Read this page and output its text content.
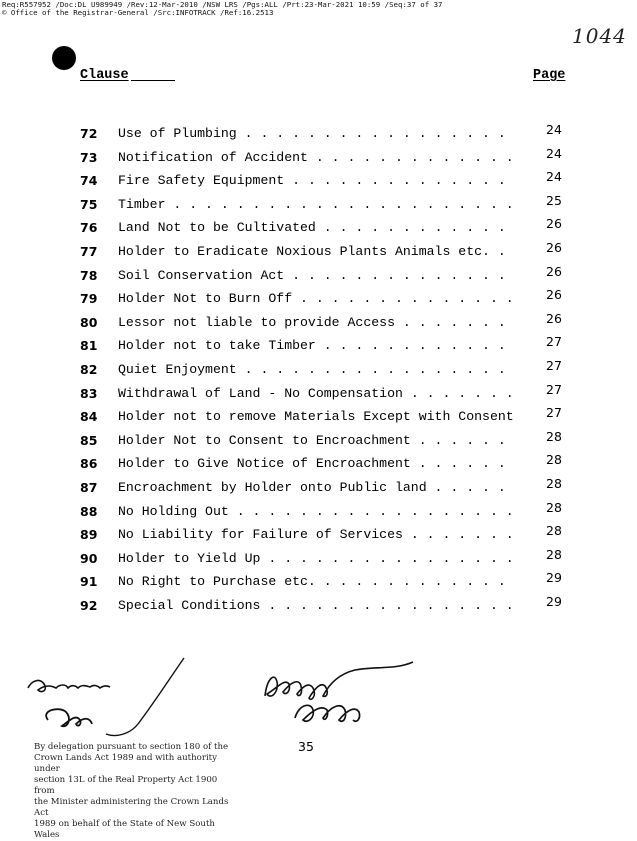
Req:R557952 /Doc:DL U989949 /Rev:12-Mar-2010 /NSW LRS /Pgs:ALL /Prt:23-Mar-2021 10:59 /Seq:37 of 37
© Office of the Registrar-General /Src:INFOTRACK /Ref:16.2513
1044
Clause	Page
72	Use of Plumbing . . .	24
73	Notification of Accident . . .	24
74	Fire Safety Equipment . . .	24
75	Timber . . .	25
76	Land Not to be Cultivated . . .	26
77	Holder to Eradicate Noxious Plants Animals etc. . . .	26
78	Soil Conservation Act . . .	26
79	Holder Not to Burn Off . . .	26
80	Lessor not liable to provide Access . . .	26
81	Holder not to take Timber . . .	27
82	Quiet Enjoyment . . .	27
83	Withdrawal of Land - No Compensation . . .	27
84	Holder not to remove Materials Except with Consent . . .	27
85	Holder Not to Consent to Encroachment . . .	28
86	Holder to Give Notice of Encroachment . . .	28
87	Encroachment by Holder onto Public land . . .	28
88	No Holding Out . . .	28
89	No Liability for Failure of Services . . .	28
90	Holder to Yield Up . . .	28
91	No Right to Purchase etc. . . .	29
92	Special Conditions . . .	29
35
By delegation pursuant to section 180 of the
Crown Lands Act 1989 and with authority under
section 13L of the Real Property Act 1900 from
the Minister administering the Crown Lands Act
1989 on behalf of the State of New South Wales
